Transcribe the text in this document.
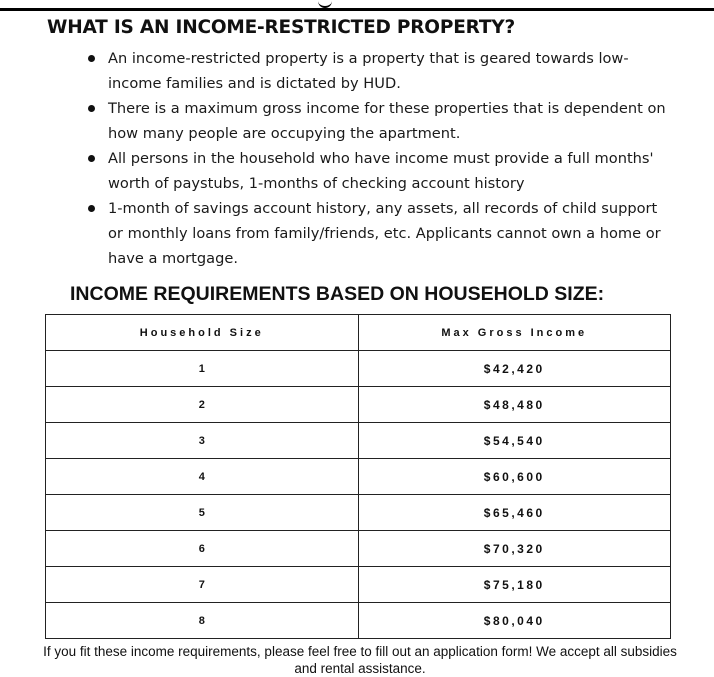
WHAT IS AN INCOME-RESTRICTED PROPERTY?
An income-restricted property is a property that is geared towards low-income families and is dictated by HUD.
There is a maximum gross income for these properties that is dependent on how many people are occupying the apartment.
All persons in the household who have income must provide a full months' worth of paystubs, 1-months of checking account history
1-month of savings account history, any assets, all records of child support or monthly loans from family/friends, etc. Applicants cannot own a home or have a mortgage.
INCOME REQUIREMENTS BASED ON HOUSEHOLD SIZE:
Household Size	Max Gross Income
1	$42,420
2	$48,480
3	$54,540
4	$60,600
5	$65,460
6	$70,320
7	$75,180
8	$80,040
If you fit these income requirements, please feel free to fill out an application form! We accept all subsidies and rental assistance.
